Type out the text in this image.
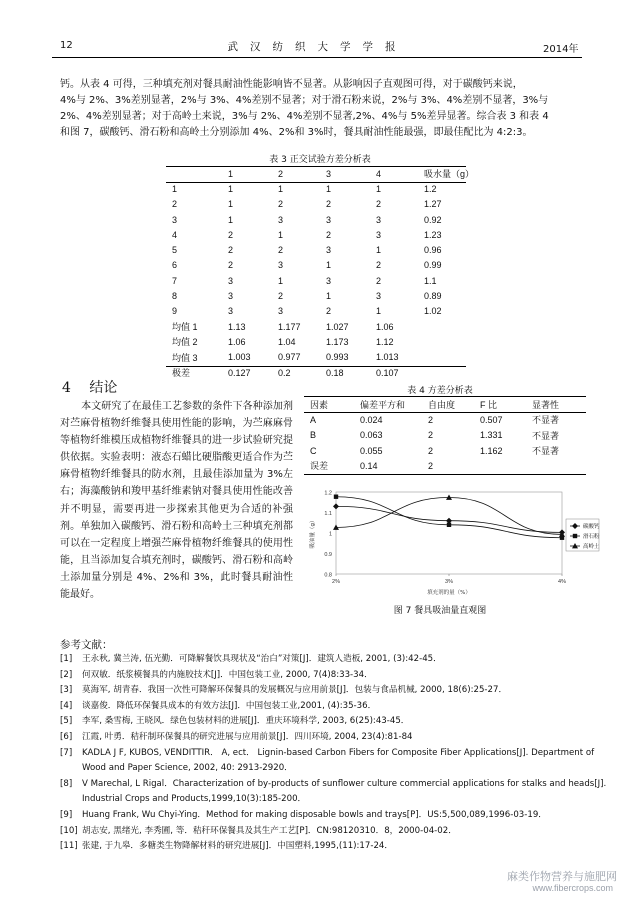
12	武汉纺织大学学报	2014年

钙。从表 4 可得，三种填充剂对餐具耐油性能影响皆不显著。从影响因子直观图可得，对于碳酸钙来说，

4%与 2%、3%差别显著，2%与 3%、4%差别不显著；对于滑石粉来说，2%与 3%、4%差别不显著，3%与

2%、4%差别显著；对于高岭土来说，3%与 2%、4%差别不显著,2%、4%与 5%差异显著。综合表 3 和表 4

和图 7，碳酸钙、滑石粉和高岭土分别添加 4%、2%和 3%时，餐具耐油性能最强，即最佳配比为 4:2:3。

表 3 正交试验方差分析表
	1	2	3	4	吸水量（g）
1	1	1	1	1	1.2
2	1	2	2	2	1.27
3	1	3	3	3	0.92
4	2	1	2	3	1.23
5	2	2	3	1	0.96
6	2	3	1	2	0.99
7	3	1	3	2	1.1
8	3	2	1	3	0.89
9	3	3	2	1	1.02
均值 1	1.13	1.177	1.027	1.06	
均值 2	1.06	1.04	1.173	1.12	
均值 3	1.003	0.977	0.993	1.013	
极差	0.127	0.2	0.18	0.107	
4 结论
本文研究了在最佳工艺参数的条件下各种添加剂对苎麻骨植物纤维餐具使用性能的影响，为苎麻麻骨等植物纤维模压成植物纤维餐具的进一步试验研究提供依据。实验表明：液态石蜡比硬脂酸更适合作为苎麻骨植物纤维餐具的防水剂，且最佳添加量为 3%左右；海藻酸钠和羧甲基纤维素钠对餐具使用性能改善并不明显，需要再进一步探索其他更为合适的补强剂。单独加入碳酸钙、滑石粉和高岭土三种填充剂都可以在一定程度上增强苎麻骨植物纤维餐具的使用性能，且当添加复合填充剂时，碳酸钙、滑石粉和高岭土添加量分别是 4%、2%和 3%，此时餐具耐油性能最好。
表 4 方差分析表
因素	偏差平方和	自由度	F 比	显著性
A	0.024	2	0.507	不显著
B	0.063	2	1.331	不显著
C	0.055	2	1.162	不显著
误差	0.14	2		
1.2
1.1
1
0.9
0.8
2%	3%	4%
填充剂的量（%）
吸油量（g）	碳酸钙
滑石粉
高岭土
图 7 餐具吸油量直观图
参考文献：
[1] 王永秋, 冀兰涛, 伍光勤．可降解餐饮具现状及“治白”对策[J]．建筑人造板, 2001, (3):42-45．
[2] 何双敏．纸浆模餐具的内施胶技术[J]．中国包装工业, 2000, 7(4)8:33-34．
[3] 莫海军, 胡青春．我国一次性可降解环保餐具的发展概况与应用前景[J]．包装与食品机械, 2000, 18(6):25-27．
[4] 谈嘉俊．降低环保餐具成本的有效方法[J]．中国包装工业,2001, (4):35-36．
[5] 李军, 桑雪梅, 王晓风．绿色包装材料的进展[J]．重庆环境科学, 2003, 6(25):43-45．
[6] 江霞, 叶勇．秸秆制环保餐具的研究进展与应用前景[J]．四川环境, 2004, 23(4):81-84
[7] KADLA J F, KUBOS, VENDITTIR． A, ect． Lignin-based Carbon Fibers for Composite Fiber Applications[J]. Department of
Wood and Paper Science, 2002, 40: 2913-2920．
[8] V Marechal, L Rigal．Characterization of by-products of sunflower culture commercial applications for stalks and heads[J].
Industrial Crops and Products,1999,10(3):185-200．
[9] Huang Frank, Wu Chyi-Ying．Method for making disposable bowls and trays[P]．US:5,500,089,1996-03-19．
[10] 胡志安, 黑绪光, 李秀圃, 等．秸秆环保餐具及其生产工艺[P]．CN:98120310．8，2000-04-02．
[11] 张建, 于九皋．多糖类生物降解材料的研究进展[J]．中国塑料,1995,(11):17-24．
麻类作物营养与施肥网
www.fibercrops.com
